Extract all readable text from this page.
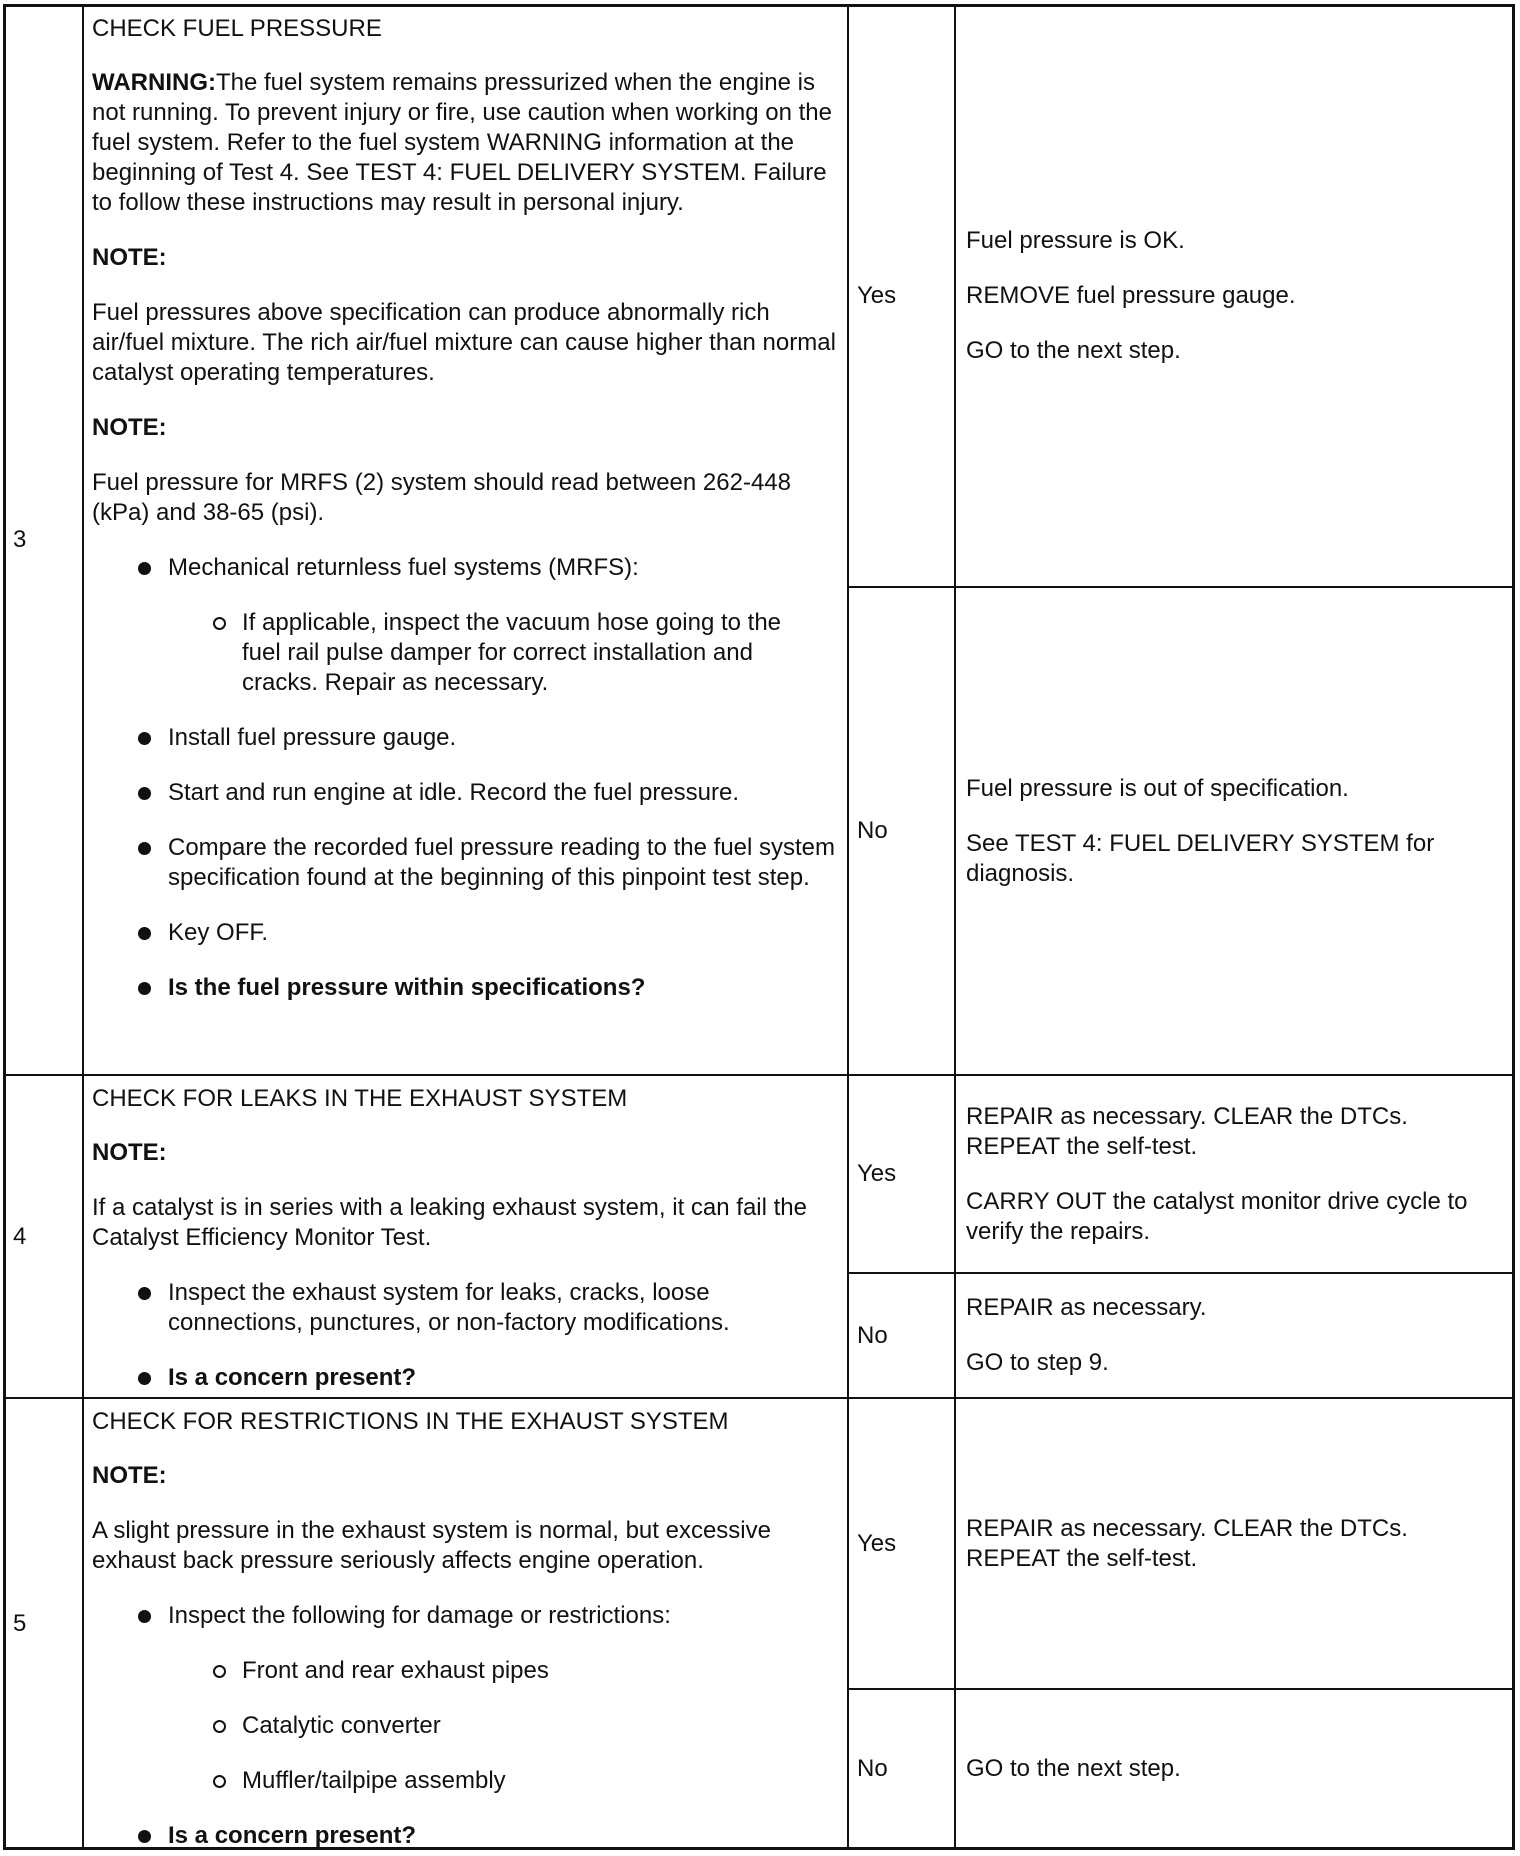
3

CHECK FUEL PRESSURE

WARNING:The fuel system remains pressurized when the engine is not running. To prevent injury or fire, use caution when working on the fuel system. Refer to the fuel system WARNING information at the beginning of Test 4. See TEST 4: FUEL DELIVERY SYSTEM. Failure to follow these instructions may result in personal injury.

NOTE:

Fuel pressures above specification can produce abnormally rich air/fuel mixture. The rich air/fuel mixture can cause higher than normal catalyst operating temperatures.

NOTE:

Fuel pressure for MRFS (2) system should read between 262-448 (kPa) and 38-65 (psi).

Mechanical returnless fuel systems (MRFS):
If applicable, inspect the vacuum hose going to the fuel rail pulse damper for correct installation and cracks. Repair as necessary.
Install fuel pressure gauge.
Start and run engine at idle. Record the fuel pressure.
Compare the recorded fuel pressure reading to the fuel system specification found at the beginning of this pinpoint test step.
Key OFF.
Is the fuel pressure within specifications?
Yes

Fuel pressure is OK.

REMOVE fuel pressure gauge.

GO to the next step.

No

Fuel pressure is out of specification.

See TEST 4: FUEL DELIVERY SYSTEM for diagnosis.

4

CHECK FOR LEAKS IN THE EXHAUST SYSTEM

NOTE:

If a catalyst is in series with a leaking exhaust system, it can fail the Catalyst Efficiency Monitor Test.

Inspect the exhaust system for leaks, cracks, loose connections, punctures, or non-factory modifications.
Is a concern present?
Yes

REPAIR as necessary. CLEAR the DTCs. REPEAT the self-test.

CARRY OUT the catalyst monitor drive cycle to verify the repairs.

No

REPAIR as necessary.

GO to step 9.

5

CHECK FOR RESTRICTIONS IN THE EXHAUST SYSTEM

NOTE:

A slight pressure in the exhaust system is normal, but excessive exhaust back pressure seriously affects engine operation.

Inspect the following for damage or restrictions:
Front and rear exhaust pipes
Catalytic converter
Muffler/tailpipe assembly
Is a concern present?
Yes

REPAIR as necessary. CLEAR the DTCs. REPEAT the self-test.

No	GO to the next step.
